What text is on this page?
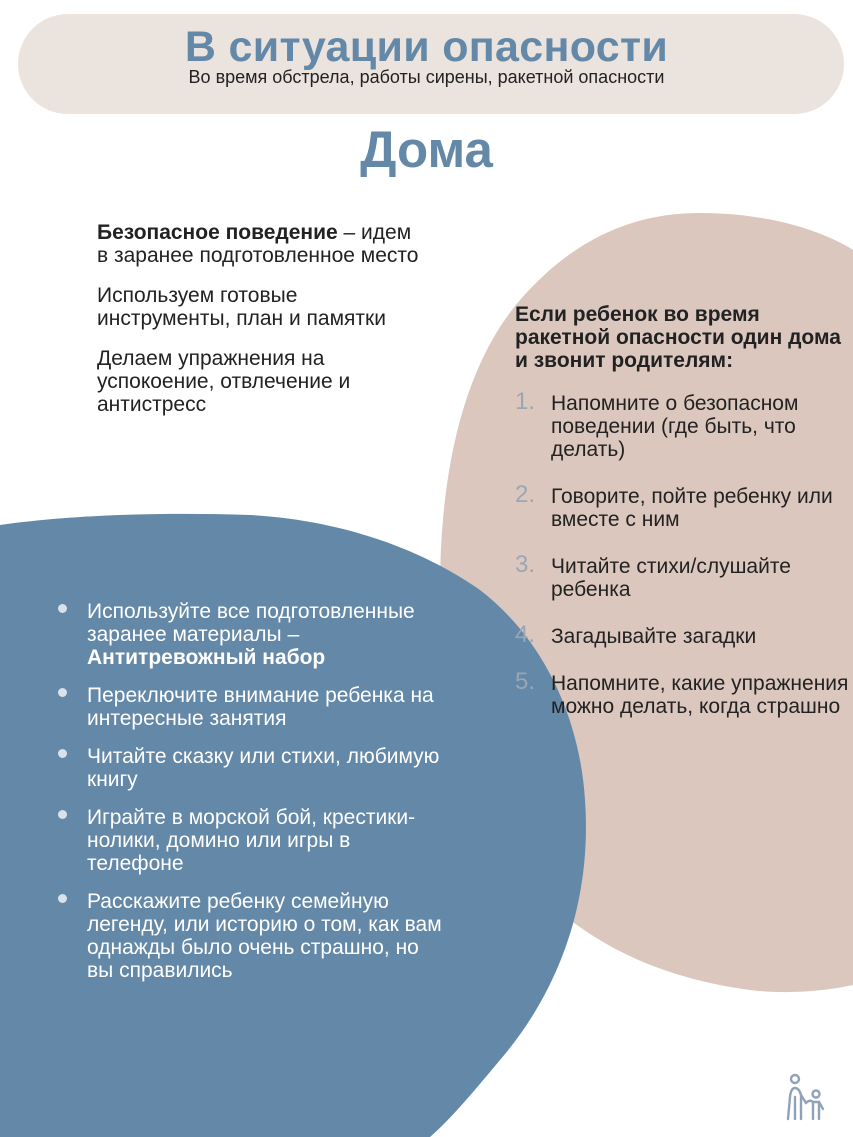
В ситуации опасности
Во время обстрела, работы сирены, ракетной опасности
Дома

Безопасное поведение – идем в заранее подготовленное место

Используем готовые инструменты, план и памятки

Делаем упражнения на успокоение, отвлечение и антистресс

Если ребенок во время ракетной опасности один дома и звонит родителям:
1. Напомните о безопасном поведении (где быть, что делать)
2. Говорите, пойте ребенку или вместе с ним
3. Читайте стихи/слушайте ребенка
4. Загадывайте загадки
5. Напомните, какие упражнения можно делать, когда страшно
Используйте все подготовленные заранее материалы – Антитревожный набор
Переключите внимание ребенка на интересные занятия
Читайте сказку или стихи, любимую книгу
Играйте в морской бой, крестики-нолики, домино или игры в телефоне
Расскажите ребенку семейную легенду, или историю о том, как вам однажды было очень страшно, но вы справились
